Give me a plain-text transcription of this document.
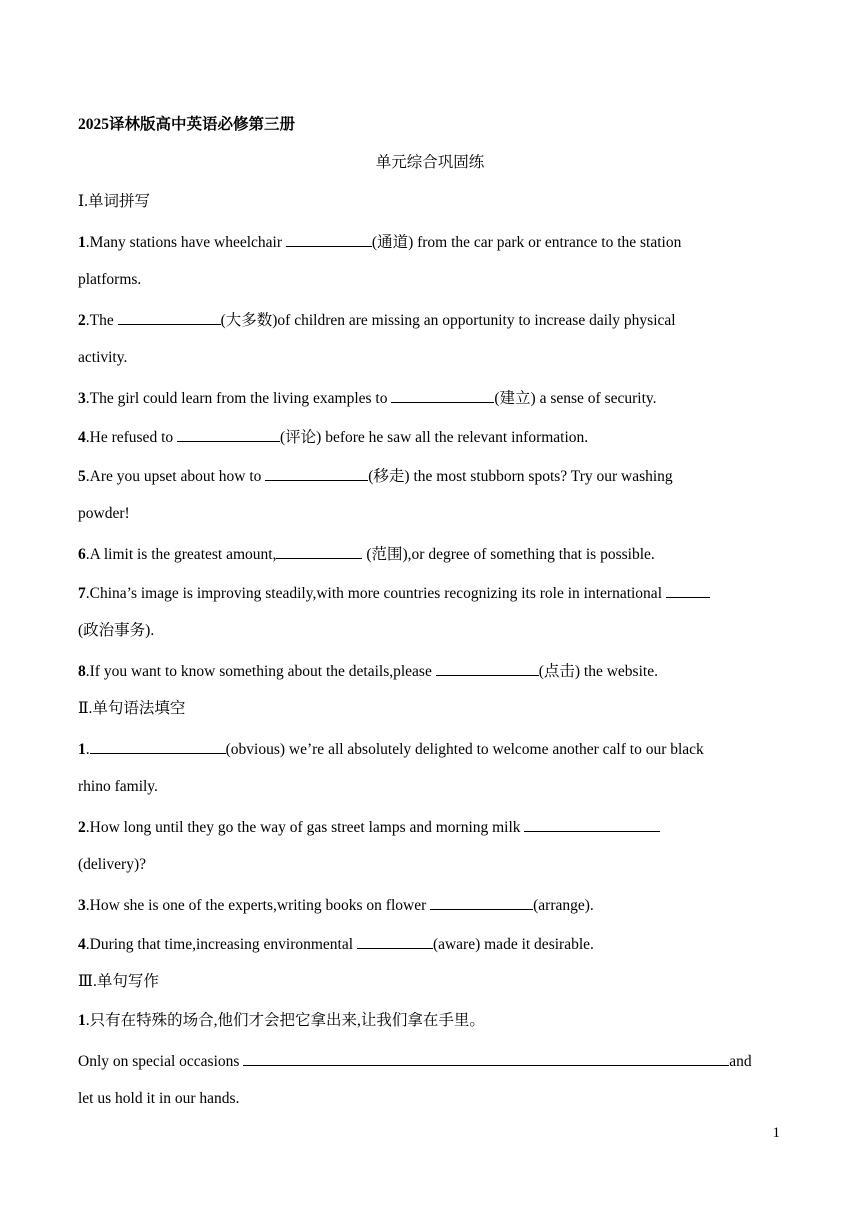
2025译林版高中英语必修第三册
单元综合巩固练
Ⅰ.单词拼写
1.Many stations have wheelchair	(通道) from the car park or entrance to the station
platforms.
2.The	(大多数)of children are missing an opportunity to increase daily physical
activity.
3.The girl could learn from the living examples to	(建立) a sense of security.
4.He refused to	(评论) before he saw all the relevant information.
5.Are you upset about how to	(移走) the most stubborn spots? Try our washing
powder!
6.A limit is the greatest amount,	(范围),or degree of something that is possible.
7.China’s image is improving steadily,with more countries recognizing its role in international
(政治事务).
8.If you want to know something about the details,please	(点击) the website.
Ⅱ.单句语法填空
1.	(obvious) we’re all absolutely delighted to welcome another calf to our black
rhino family.
2.How long until they go the way of gas street lamps and morning milk
(delivery)?
3.How she is one of the experts,writing books on flower	(arrange).
4.During that time,increasing environmental	(aware) made it desirable.
Ⅲ.单句写作
1.只有在特殊的场合,他们才会把它拿出来,让我们拿在手里。
Only on special occasions	and
let us hold it in our hands.
1
